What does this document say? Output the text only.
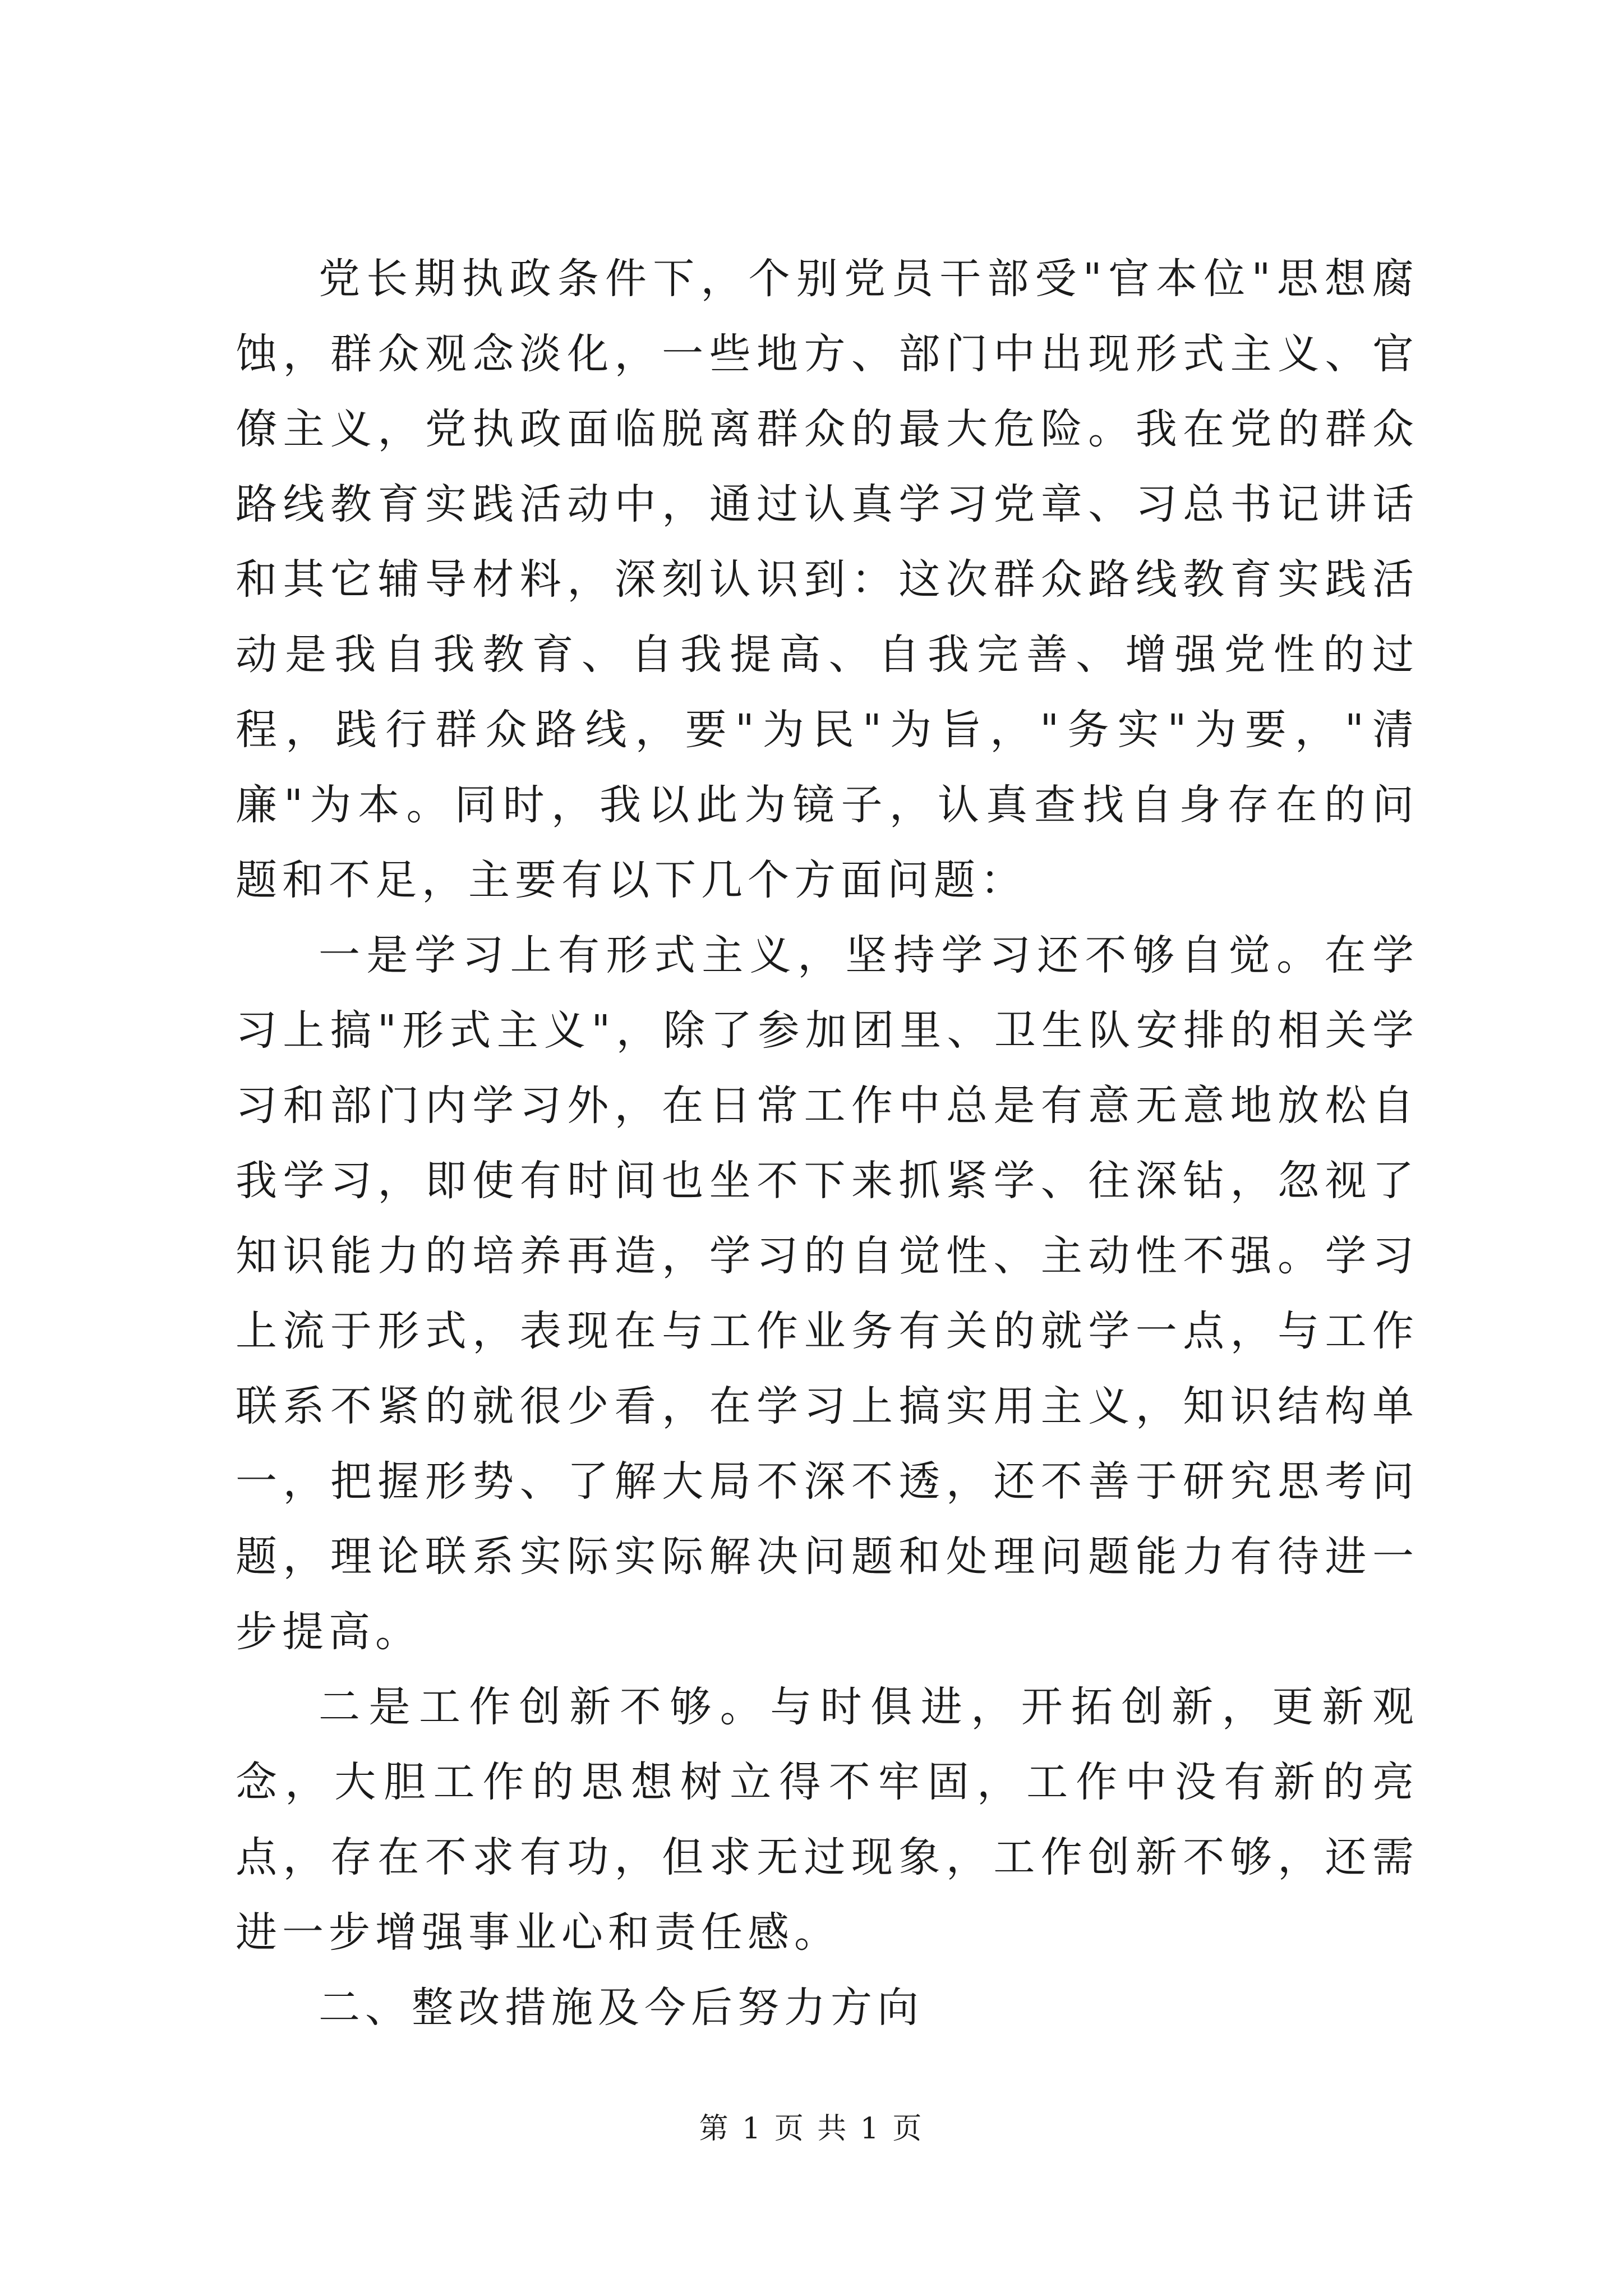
党长期执政条件下，个别党员干部受"官本位"思想腐蚀，群众观念淡化，一些地方、部门中出现形式主义、官僚主义，党执政面临脱离群众的最大危险。我在党的群众路线教育实践活动中，通过认真学习党章、习总书记讲话和其它辅导材料，深刻认识到：这次群众路线教育实践活动是我自我教育、自我提高、自我完善、增强党性的过程，践行群众路线，要"为民"为旨，"务实"为要，"清廉"为本。同时，我以此为镜子，认真查找自身存在的问题和不足，主要有以下几个方面问题：

一是学习上有形式主义，坚持学习还不够自觉。在学习上搞"形式主义"，除了参加团里、卫生队安排的相关学习和部门内学习外，在日常工作中总是有意无意地放松自我学习，即使有时间也坐不下来抓紧学、往深钻，忽视了知识能力的培养再造，学习的自觉性、主动性不强。学习上流于形式，表现在与工作业务有关的就学一点，与工作联系不紧的就很少看，在学习上搞实用主义，知识结构单一，把握形势、了解大局不深不透，还不善于研究思考问题，理论联系实际实际解决问题和处理问题能力有待进一步提高。

二是工作创新不够。与时俱进，开拓创新，更新观念，大胆工作的思想树立得不牢固，工作中没有新的亮点，存在不求有功，但求无过现象，工作创新不够，还需进一步增强事业心和责任感。

二、整改措施及今后努力方向

第 1 页 共 1 页
